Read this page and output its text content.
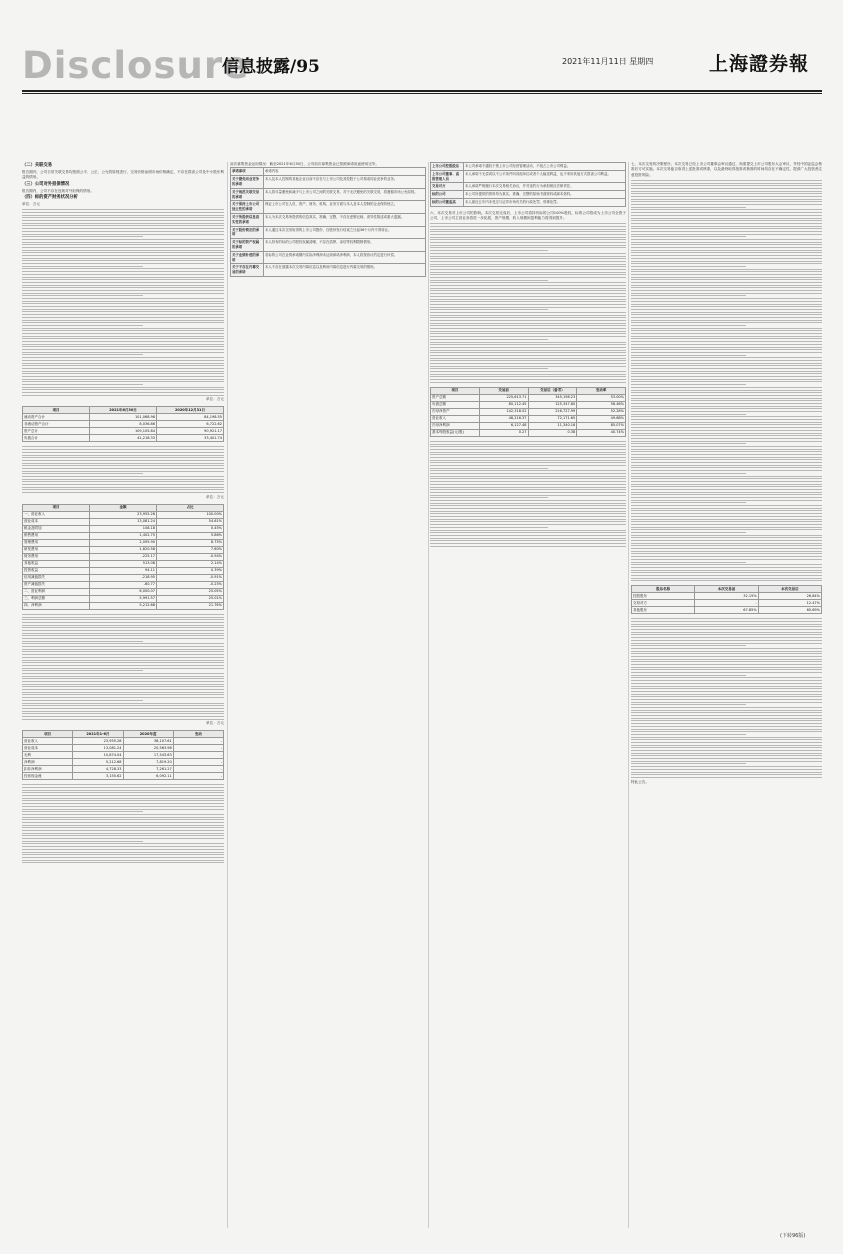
Disclosure
信息披露/95	2021年11月11日 星期四	上海證券報

（二）关联交易

报告期内，公司日常关联交易均按照公平、公正、公允的原则进行，交易价格参照市场价格确定，不存在损害公司及中小股东利益的情形。

（三）公司对外担保情况

报告期内，公司不存在违规对外担保的情形。

（四）标的资产财务状况分析

单位：万元

单位：万元
项目	2021年6月30日	2020年12月31日
流动资产合计	101,068.98	84,198.55
非流动资产合计	8,036.86	6,722.62
资产总计	109,105.84	90,921.17
负债合计	41,218.33	33,401.74
单位：万元
项目	金额	占比
一、营业收入	23,955.28	100.00%
营业成本	13,081.24	54.61%
税金及附加	108.18	0.45%
销售费用	1,402.75	5.86%
管理费用	2,095.90	8.75%
研发费用	1,820.58	7.60%
财务费用	-225.17	-0.94%
其他收益	513.08	2.14%
投资收益	94.11	0.39%
信用减值损失	-218.95	-0.91%
资产减值损失	-60.77	-0.25%
二、营业利润	6,000.07	25.05%
三、利润总额	5,991.57	25.01%
四、净利润	5,212.68	21.76%
单位：万元
项目	2021年1-6月	2020年度	变动
营业收入	23,955.28	38,107.61	-
营业成本	13,081.24	20,563.98	-
毛利	10,874.04	17,543.63	-
净利润	5,212.68	7,819.20	-
扣非净利润	4,728.33	7,261.27	-
经营现金流	3,155.62	6,092.11	-

前次募集资金运用情况：截至2021年6月30日，公司前次募集资金已按照承诺用途使用完毕。

承诺事项	承诺内容
关于避免同业竞争的承诺	本人及本人控制的其他企业目前不存在与上市公司及其控股子公司构成同业竞争的业务。
关于规范关联交易的承诺	本人将尽量避免和减少与上市公司之间的关联交易，对于无法避免的关联交易，将遵循市场公允原则。
关于保持上市公司独立性的承诺	保证上市公司在人员、资产、财务、机构、业务方面与本人及本人控制的企业保持独立。
关于所提供信息真实性的承诺	本人为本次交易所提供的信息真实、准确、完整，不存在虚假记载、误导性陈述或重大遗漏。
关于股份锁定的承诺	本人通过本次交易取得的上市公司股份，自股份发行结束之日起36个月内不得转让。
关于标的资产权属的承诺	本人持有的标的公司股权权属清晰，不存在质押、冻结等权利限制情形。
关于业绩补偿的承诺	若标的公司在业绩承诺期内实际净利润未达到承诺净利润，本人将按协议约定进行补偿。
关于不存在内幕交易的承诺	本人不存在泄露本次交易内幕信息以及利用内幕信息进行内幕交易的情形。
上市公司控股股东	本公司承诺不越权干预上市公司经营管理活动，不侵占上市公司利益。
上市公司董事、高级管理人员	本人承诺不无偿或以不公平条件向其他单位或者个人输送利益，也不采用其他方式损害公司利益。
交易对方	本人承诺严格履行本次交易相关协议，并对违约行为承担相应法律责任。
标的公司	本公司所提供的资料均为真实、准确、完整的原始书面资料或副本资料。
标的公司董监高	本人最近五年内未受过与证券市场有关的行政处罚、刑事处罚。

六、本次交易对上市公司的影响。本次交易完成后，上市公司将持有标的公司100%股权，标的公司将成为上市公司全资子公司，上市公司主营业务将进一步拓展，资产规模、收入规模和盈利能力将得到提升。

项目	交易前	交易后（备考）	变动率
资产总额	225,613.71	345,198.23	53.00%
负债总额	80,112.45	125,347.80	56.46%
归母净资产	142,318.52	216,727.99	52.28%
营业收入	48,216.37	72,171.65	49.68%
归母净利润	6,127.48	11,340.16	85.07%
基本每股收益(元/股)	0.27	0.38	40.74%

七、本次交易的决策程序。本次交易已经上市公司董事会审议通过，尚需提交上市公司股东大会审议，并经中国证监会核准后方可实施。本次交易能否取得上述批准或核准，以及最终取得批准或核准的时间均存在不确定性，提请广大投资者注意投资风险。

股东名称	本次交易前	本次交易后
控股股东	32.15%	26.84%
交易对方	-	12.47%
其他股东	67.85%	60.69%

特此公告。

(下转96版)
